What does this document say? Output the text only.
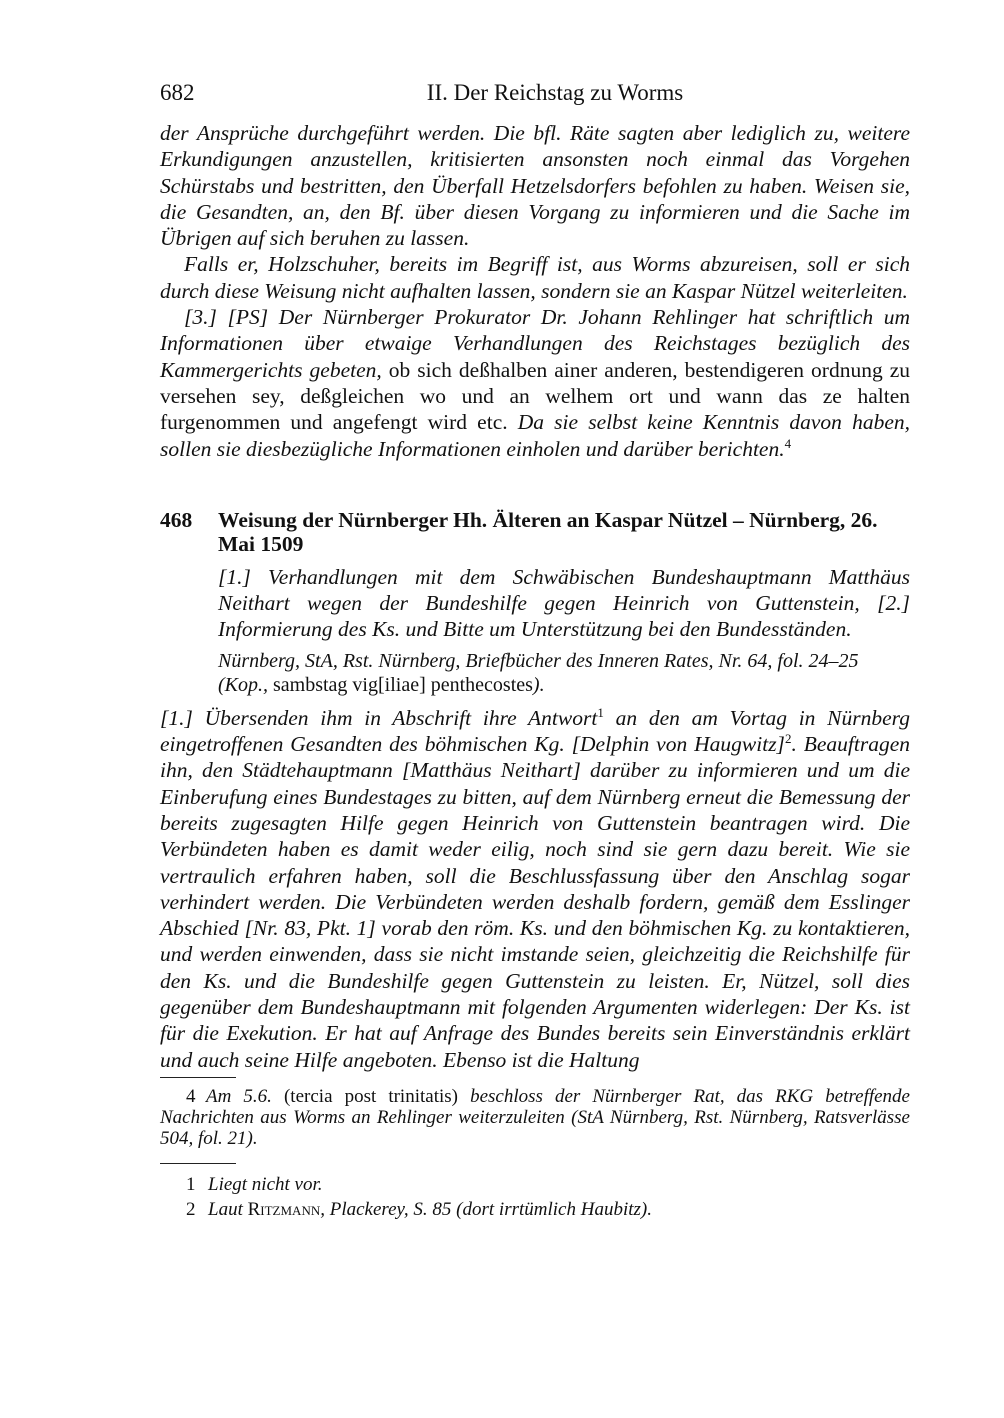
682	II. Der Reichstag zu Worms

der Ansprüche durchgeführt werden. Die bfl. Räte sagten aber lediglich zu, weitere Erkundigungen anzustellen, kritisierten ansonsten noch einmal das Vorgehen Schürstabs und bestritten, den Überfall Hetzelsdorfers befohlen zu haben. Weisen sie, die Gesandten, an, den Bf. über diesen Vorgang zu informieren und die Sache im Übrigen auf sich beruhen zu lassen.

Falls er, Holzschuher, bereits im Begriff ist, aus Worms abzureisen, soll er sich durch diese Weisung nicht aufhalten lassen, sondern sie an Kaspar Nützel weiterleiten.

[3.] [PS] Der Nürnberger Prokurator Dr. Johann Rehlinger hat schriftlich um Informationen über etwaige Verhandlungen des Reichstages bezüglich des Kammergerichts gebeten, ob sich deßhalben ainer anderen, bestendigeren ordnung zu versehen sey, deßgleichen wo und an welhem ort und wann das ze halten furgenommen und angefengt wird etc. Da sie selbst keine Kenntnis davon haben, sollen sie diesbezügliche Informationen einholen und darüber berichten.$^4$

468	Weisung der Nürnberger Hh. Älteren an Kaspar Nützel – Nürnberg, 26. Mai 1509

[1.] Verhandlungen mit dem Schwäbischen Bundeshauptmann Matthäus Neithart wegen der Bundeshilfe gegen Heinrich von Guttenstein, [2.] Informierung des Ks. und Bitte um Unterstützung bei den Bundesständen.

Nürnberg, StA, Rst. Nürnberg, Briefbücher des Inneren Rates, Nr. 64, fol. 24–25 (Kop., sambstag vig[iliae] penthecostes).

[1.] Übersenden ihm in Abschrift ihre Antwort$^1$ an den am Vortag in Nürnberg eingetroffenen Gesandten des böhmischen Kg. [Delphin von Haugwitz]$^2$. Beauftragen ihn, den Städtehauptmann [Matthäus Neithart] darüber zu informieren und um die Einberufung eines Bundestages zu bitten, auf dem Nürnberg erneut die Bemessung der bereits zugesagten Hilfe gegen Heinrich von Guttenstein beantragen wird. Die Verbündeten haben es damit weder eilig, noch sind sie gern dazu bereit. Wie sie vertraulich erfahren haben, soll die Beschlussfassung über den Anschlag sogar verhindert werden. Die Verbündeten werden deshalb fordern, gemäß dem Esslinger Abschied [Nr. 83, Pkt. 1] vorab den röm. Ks. und den böhmischen Kg. zu kontaktieren, und werden einwenden, dass sie nicht imstande seien, gleichzeitig die Reichshilfe für den Ks. und die Bundeshilfe gegen Guttenstein zu leisten. Er, Nützel, soll dies gegenüber dem Bundeshauptmann mit folgenden Argumenten widerlegen: Der Ks. ist für die Exekution. Er hat auf Anfrage des Bundes bereits sein Einverständnis erklärt und auch seine Hilfe angeboten. Ebenso ist die Haltung

4 Am 5.6. (tercia post trinitatis) beschloss der Nürnberger Rat, das RKG betreffende Nachrichten aus Worms an Rehlinger weiterzuleiten (StA Nürnberg, Rst. Nürnberg, Ratsverlässe 504, fol. 21).

1 Liegt nicht vor.
2 Laut Ritzmann, Plackerey, S. 85 (dort irrtümlich Haubitz).
